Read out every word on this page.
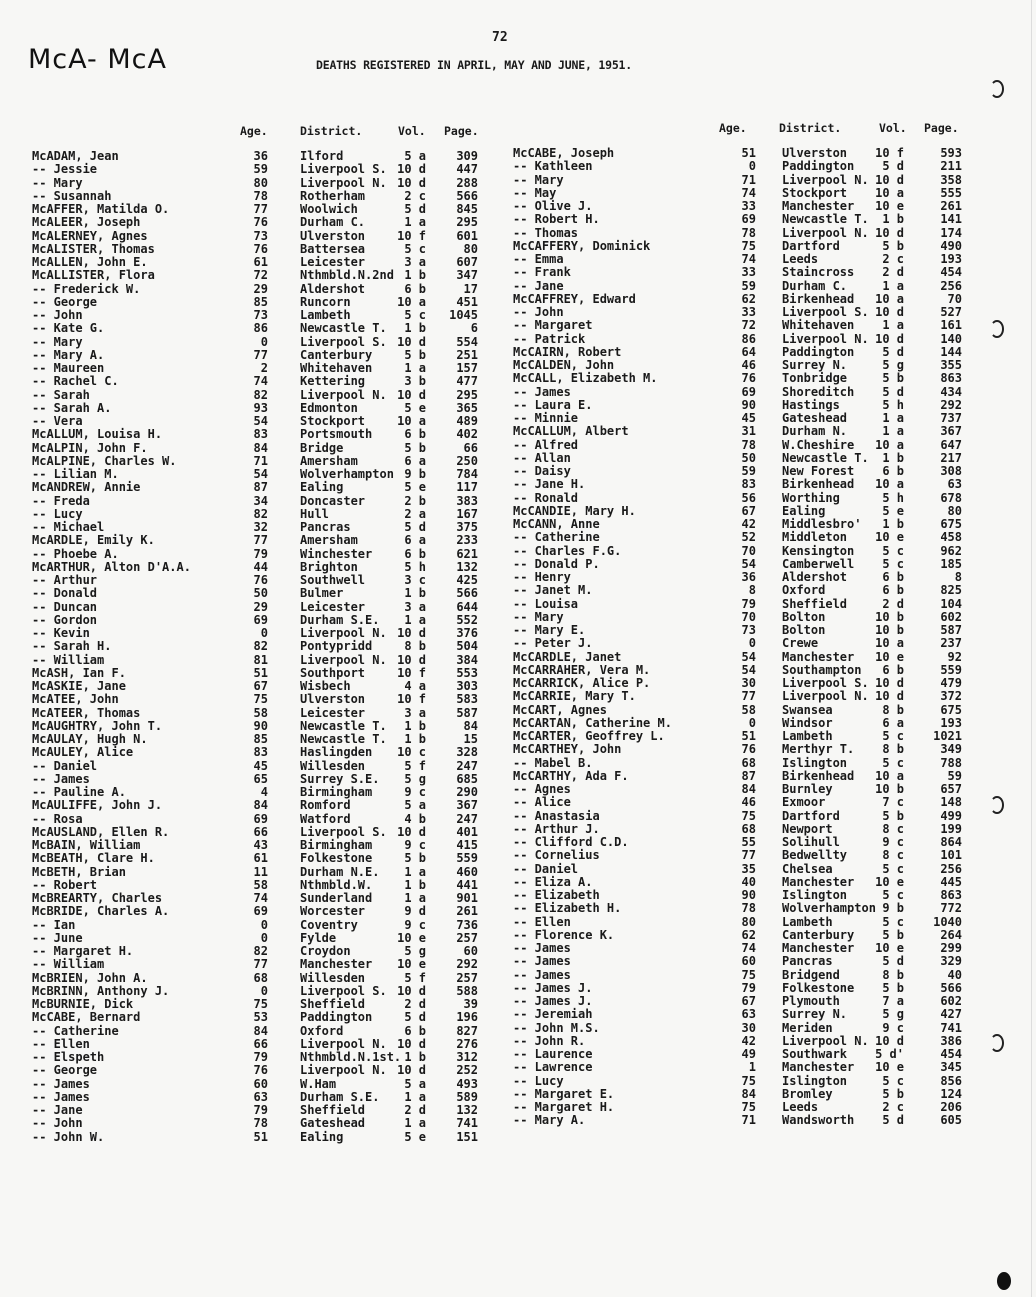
McA- McA
72
DEATHS REGISTERED IN APRIL, MAY AND JUNE, 1951.
Age.	District.	Vol. Page.
McADAM, Jean	36	Ilford	5 a	309
-- Jessie	59	Liverpool S. 10 d	447
-- Mary	80	Liverpool N. 10 d	288
-- Susannah	78	Rotherham	2 c	566
McAFFER, Matilda O.	77	Woolwich	5 d	845
McALEER, Joseph	76	Durham C.	1 a	295
McALERNEY, Agnes	73	Ulverston	10 f	601
McALISTER, Thomas	76	Battersea	5 c	80
McALLEN, John E.	61	Leicester	3 a	607
McALLISTER, Flora	72	Nthmbld.N.2nd 1 b	347
-- Frederick W.	29	Aldershot	6 b	17
-- George	85	Runcorn	10 a	451
-- John	73	Lambeth	5 c	1045
-- Kate G.	86	Newcastle T.	1 b	6
-- Mary	0	Liverpool S. 10 d	554
-- Mary A.	77	Canterbury	5 b	251
-- Maureen	2	Whitehaven	1 a	157
-- Rachel C.	74	Kettering	3 b	477
-- Sarah	82	Liverpool N. 10 d	295
-- Sarah A.	93	Edmonton	5 e	365
-- Vera	54	Stockport	10 a	489
McALLUM, Louisa H.	83	Portsmouth	6 b	402
McALPIN, John F.	84	Bridge	5 b	66
McALPINE, Charles W.	71	Amersham	6 a	250
-- Lilian M.	54	Wolverhampton 9 b	784
McANDREW, Annie	87	Ealing	5 e	117
-- Freda	34	Doncaster	2 b	383
-- Lucy	82	Hull	2 a	167
-- Michael	32	Pancras	5 d	375
McARDLE, Emily K.	77	Amersham	6 a	233
-- Phoebe A.	79	Winchester	6 b	621
McARTHUR, Alton D'A.A.	44	Brighton	5 h	132
-- Arthur	76	Southwell	3 c	425
-- Donald	50	Bulmer	1 b	566
-- Duncan	29	Leicester	3 a	644
-- Gordon	69	Durham S.E.	1 a	552
-- Kevin	0	Liverpool N. 10 d	376
-- Sarah H.	82	Pontypridd	8 b	504
-- William	81	Liverpool N. 10 d	384
McASH, Ian F.	51	Southport	10 f	553
McASKIE, Jane	67	Wisbech	4 a	303
McATEE, John	75	Ulverston	10 f	583
McATEER, Thomas	58	Leicester	3 a	587
McAUGHTRY, John T.	90	Newcastle T.	1 b	84
McAULAY, Hugh N.	85	Newcastle T.	1 b	15
McAULEY, Alice	83	Haslingden	10 c	328
-- Daniel	45	Willesden	5 f	247
-- James	65	Surrey S.E.	5 g	685
-- Pauline A.	4	Birmingham	9 c	290
McAULIFFE, John J.	84	Romford	5 a	367
-- Rosa	69	Watford	4 b	247
McAUSLAND, Ellen R.	66	Liverpool S. 10 d	401
McBAIN, William	43	Birmingham	9 c	415
McBEATH, Clare H.	61	Folkestone	5 b	559
McBETH, Brian	11	Durham N.E.	1 a	460
-- Robert	58	Nthmbld.W.	1 b	441
McBREARTY, Charles	74	Sunderland	1 a	901
McBRIDE, Charles A.	69	Worcester	9 d	261
-- Ian	0	Coventry	9 c	736
-- June	0	Fylde	10 e	257
-- Margaret H.	82	Croydon	5 g	60
-- William	77	Manchester	10 e	292
McBRIEN, John A.	68	Willesden	5 f	257
McBRINN, Anthony J.	0	Liverpool S. 10 d	588
McBURNIE, Dick	75	Sheffield	2 d	39
McCABE, Bernard	53	Paddington	5 d	196
-- Catherine	84	Oxford	6 b	827
-- Ellen	66	Liverpool N. 10 d	276
-- Elspeth	79	Nthmbld.N.1st. 1 b	312
-- George	76	Liverpool N. 10 d	252
-- James	60	W.Ham	5 a	493
-- James	63	Durham S.E.	1 a	589
-- Jane	79	Sheffield	2 d	132
-- John	78	Gateshead	1 a	741
-- John W.	51	Ealing	5 e	151
Age.	District.	Vol. Page.
McCABE, Joseph	51 Ulverston	10 f	593
-- Kathleen	0 Paddington	5 d	211
-- Mary	71 Liverpool N. 10 d	358
-- May	74 Stockport	10 a	555
-- Olive J.	33 Manchester	10 e	261
-- Robert H.	69 Newcastle T.	1 b	141
-- Thomas	78 Liverpool N. 10 d	174
McCAFFERY, Dominick	75 Dartford	5 b	490
-- Emma	74 Leeds	2 c	193
-- Frank	33 Staincross	2 d	454
-- Jane	59 Durham C.	1 a	256
McCAFFREY, Edward	62 Birkenhead	10 a	70
-- John	33 Liverpool S. 10 d	527
-- Margaret	72 Whitehaven	1 a	161
-- Patrick	86 Liverpool N. 10 d	140
McCAIRN, Robert	64 Paddington	5 d	144
McCALDEN, John	46 Surrey N.	5 g	355
McCALL, Elizabeth M.	76 Tonbridge	5 b	863
-- James	69 Shoreditch	5 d	434
-- Laura E.	90 Hastings	5 h	292
-- Minnie	45 Gateshead	1 a	737
McCALLUM, Albert	31 Durham N.	1 a	367
-- Alfred	78 W.Cheshire	10 a	647
-- Allan	50 Newcastle T.	1 b	217
-- Daisy	59 New Forest	6 b	308
-- Jane H.	83 Birkenhead	10 a	63
-- Ronald	56 Worthing	5 h	678
McCANDIE, Mary H.	67 Ealing	5 e	80
McCANN, Anne	42 Middlesbro'	1 b	675
-- Catherine	52 Middleton	10 e	458
-- Charles F.G.	70 Kensington	5 c	962
-- Donald P.	54 Camberwell	5 c	185
-- Henry	36 Aldershot	6 b	8
-- Janet M.	8 Oxford	6 b	825
-- Louisa	79 Sheffield	2 d	104
-- Mary	70 Bolton	10 b	602
-- Mary E.	73 Bolton	10 b	587
-- Peter J.	0 Crewe	10 a	237
McCARDLE, Janet	54 Manchester	10 e	92
McCARRAHER, Vera M.	54 Southampton	6 b	559
McCARRICK, Alice P.	30 Liverpool S. 10 d	479
McCARRIE, Mary T.	77 Liverpool N. 10 d	372
McCART, Agnes	58 Swansea	8 b	675
McCARTAN, Catherine M.	0 Windsor	6 a	193
McCARTER, Geoffrey L.	51 Lambeth	5 c	1021
McCARTHEY, John	76 Merthyr T.	8 b	349
-- Mabel B.	68 Islington	5 c	788
McCARTHY, Ada F.	87 Birkenhead	10 a	59
-- Agnes	84 Burnley	10 b	657
-- Alice	46 Exmoor	7 c	148
-- Anastasia	75 Dartford	5 b	499
-- Arthur J.	68 Newport	8 c	199
-- Clifford C.D.	55 Solihull	9 c	864
-- Cornelius	77 Bedwellty	8 c	101
-- Daniel	35 Chelsea	5 c	256
-- Eliza A.	40 Manchester	10 e	445
-- Elizabeth	90 Islington	5 c	863
-- Elizabeth H.	78 Wolverhampton 9 b	772
-- Ellen	80 Lambeth	5 c	1040
-- Florence K.	62 Canterbury	5 b	264
-- James	74 Manchester	10 e	299
-- James	60 Pancras	5 d	329
-- James	75 Bridgend	8 b	40
-- James J.	79 Folkestone	5 b	566
-- James J.	67 Plymouth	7 a	602
-- Jeremiah	63 Surrey N.	5 g	427
-- John M.S.	30 Meriden	9 c	741
-- John R.	42 Liverpool N. 10 d	386
-- Laurence	49 Southwark	5 d'	454
-- Lawrence	1 Manchester	10 e	345
-- Lucy	75 Islington	5 c	856
-- Margaret E.	84 Bromley	5 b	124
-- Margaret H.	75 Leeds	2 c	206
-- Mary A.	71 Wandsworth	5 d	605
